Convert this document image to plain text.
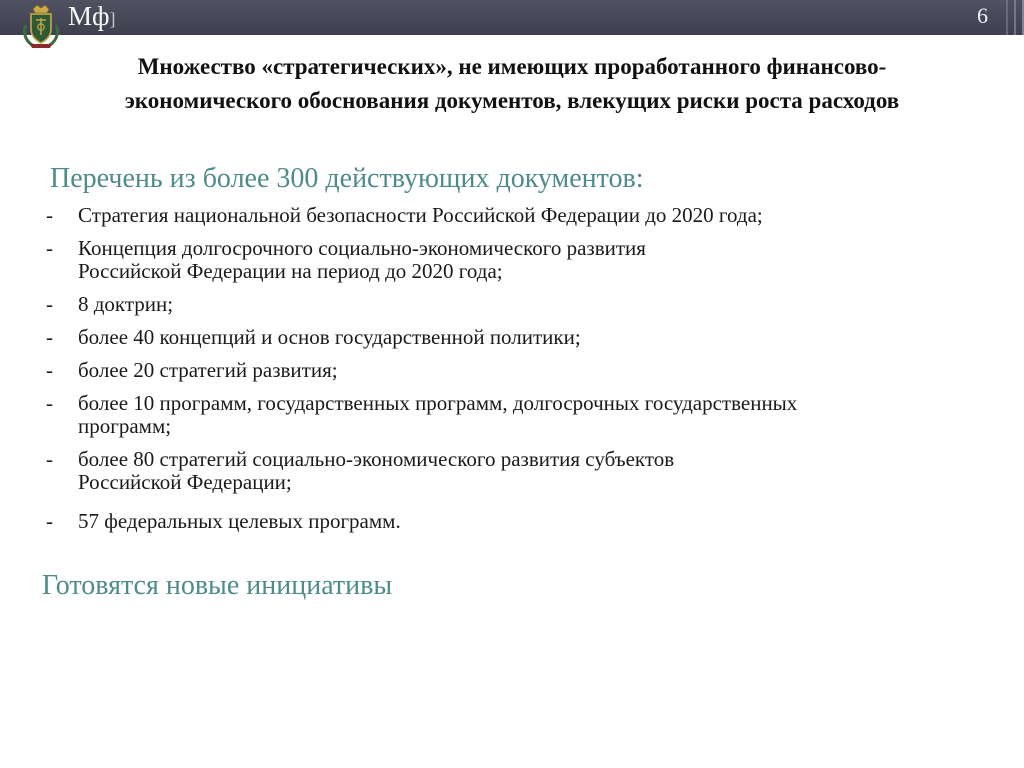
Мф]	6
Множество «стратегических», не имеющих проработанного финансово-
экономического обоснования документов, влекущих риски роста расходов
Перечень из более 300 действующих документов:
- Стратегия национальной безопасности Российской Федерации до 2020 года;
- Концепция долгосрочного социально-экономического развития
Российской Федерации на период до 2020 года;
- 8 доктрин;
- более 40 концепций и основ государственной политики;
- более 20 стратегий развития;
- более 10 программ, государственных программ, долгосрочных государственных
программ;
- более 80 стратегий социально-экономического развития субъектов
Российской Федерации;
- 57 федеральных целевых программ.
Готовятся новые инициативы
